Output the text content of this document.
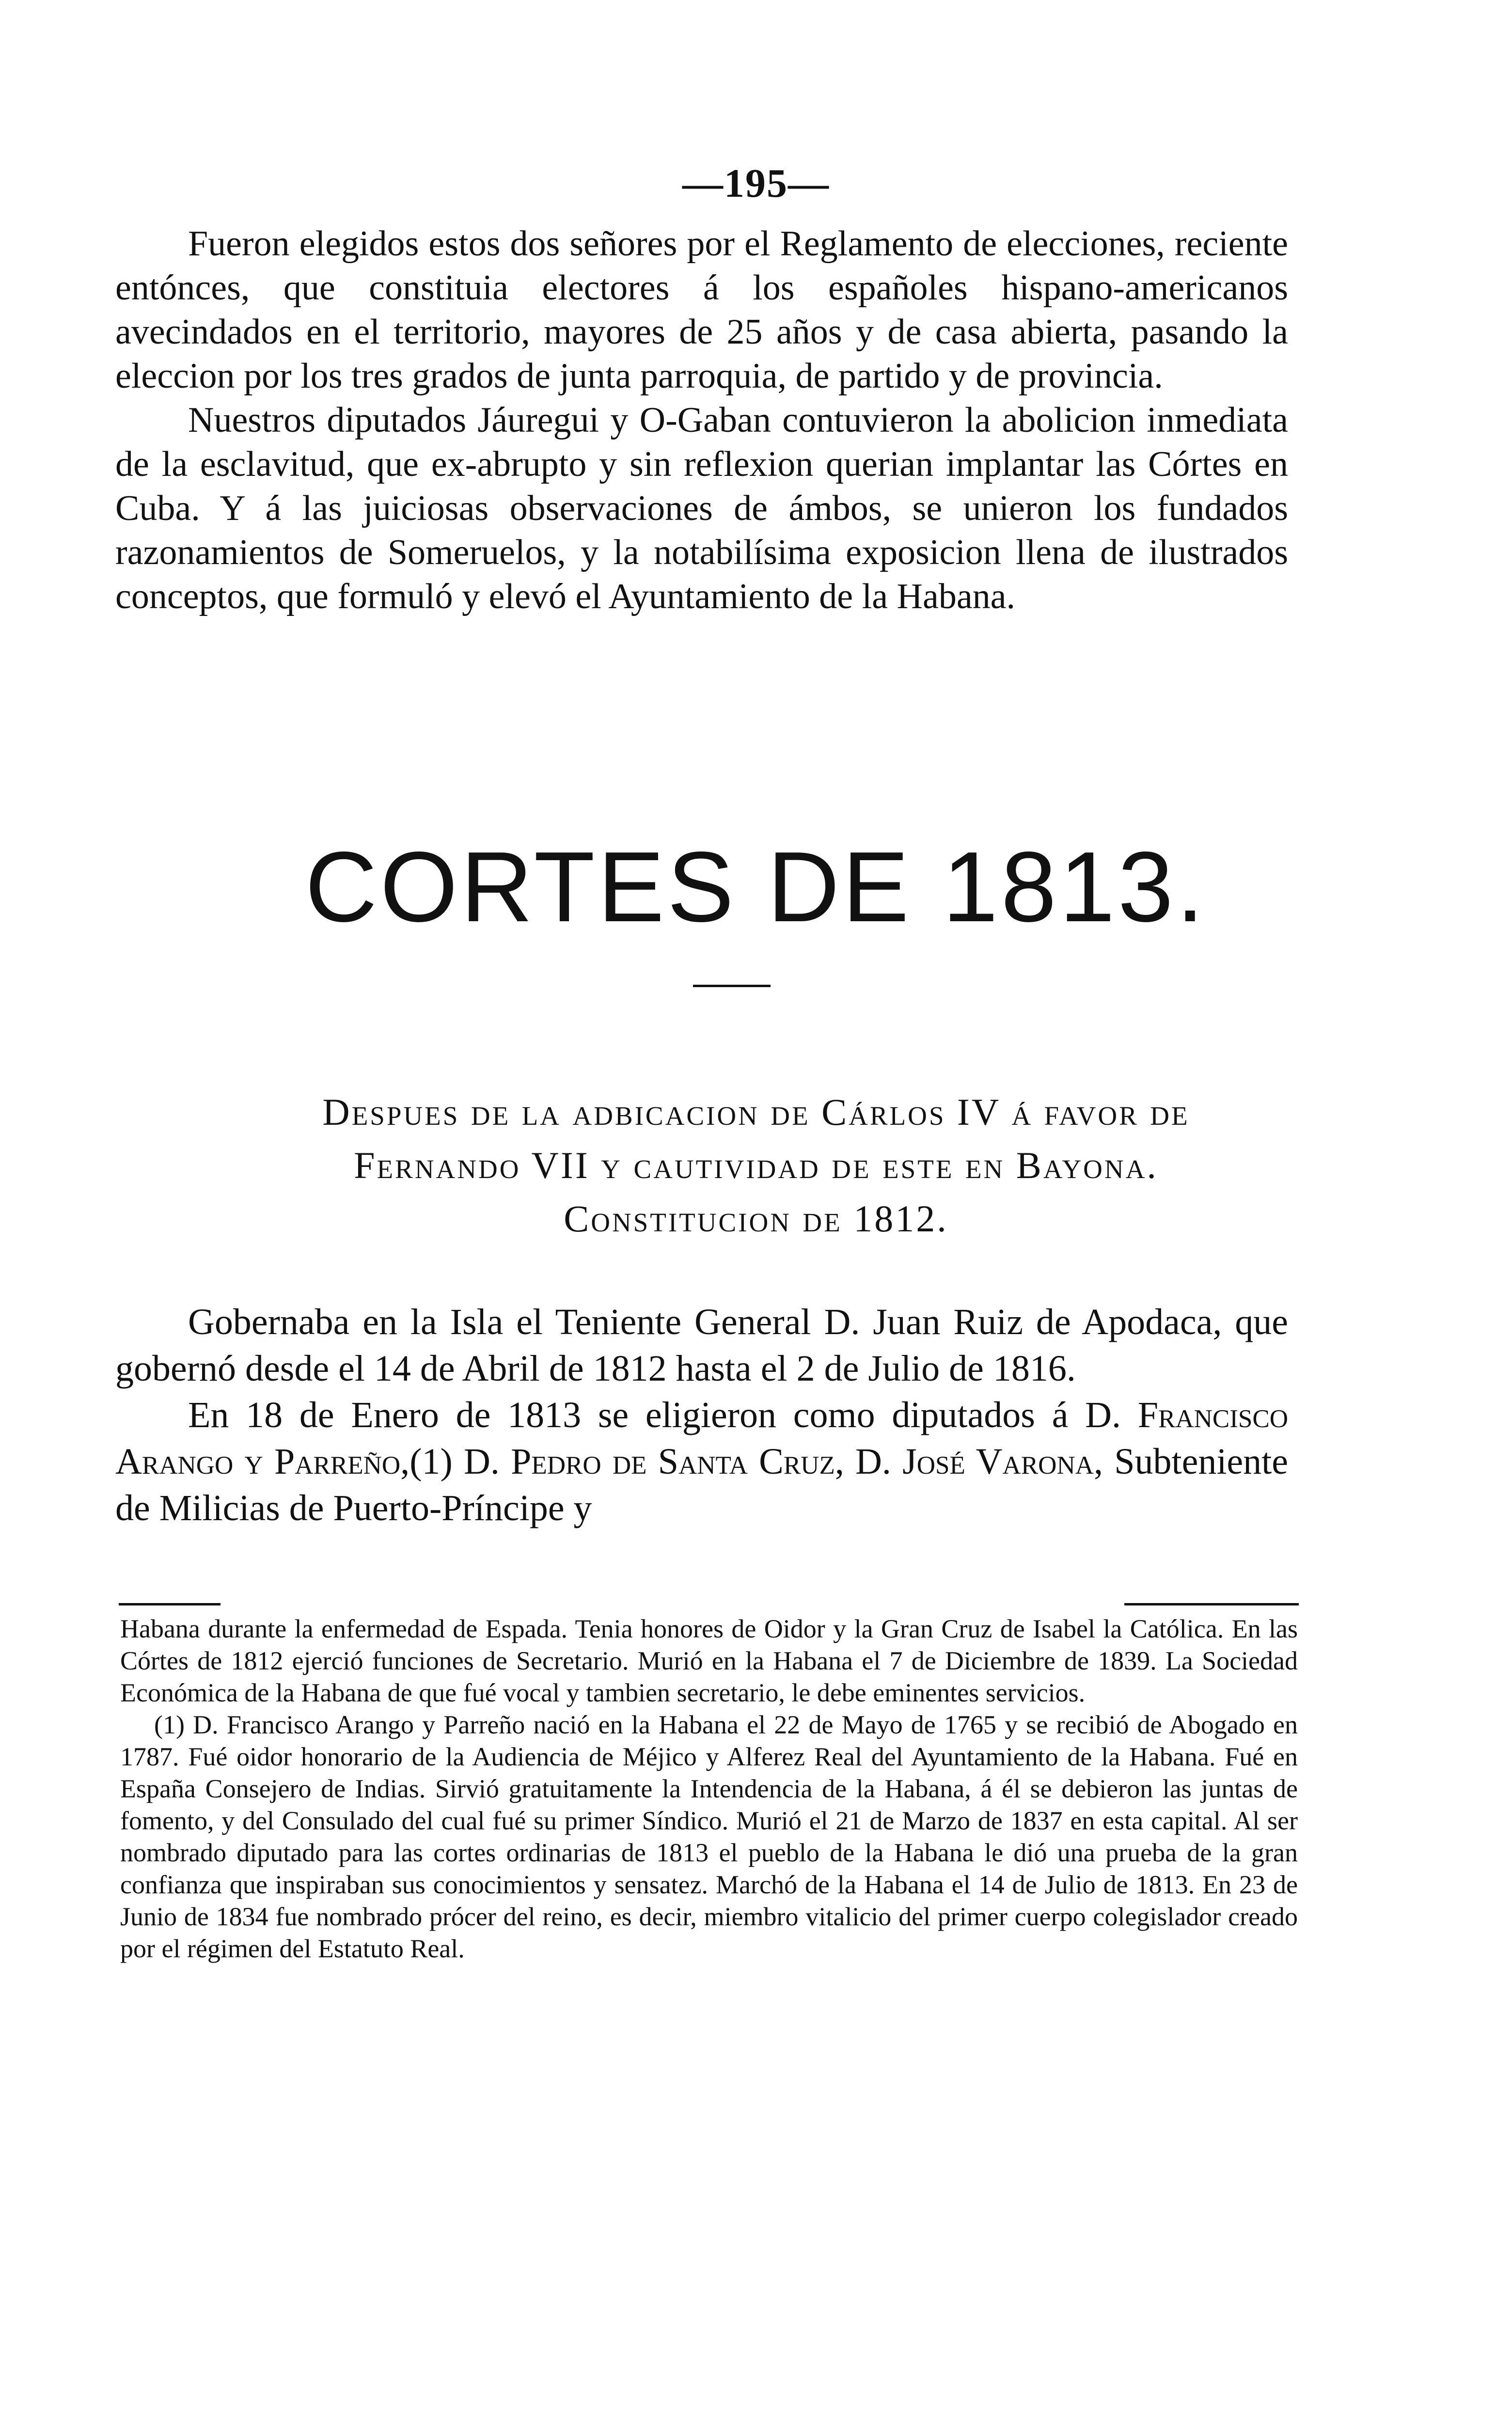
—195—

Fueron elegidos estos dos señores por el Reglamento de elecciones, reciente entónces, que constituia electores á los españoles hispano-americanos avecindados en el territorio, mayores de 25 años y de casa abierta, pasando la eleccion por los tres grados de junta parroquia, de partido y de provincia.

Nuestros diputados Jáuregui y O-Gaban contuvieron la abolicion inmediata de la esclavitud, que ex-abrupto y sin reflexion querian implantar las Córtes en Cuba. Y á las juiciosas observaciones de ámbos, se unieron los fundados razonamientos de Someruelos, y la notabilísima exposicion llena de ilustrados conceptos, que formuló y elevó el Ayuntamiento de la Habana.

CORTES DE 1813.
Despues de la adbicacion de Cárlos IV á favor de
Fernando VII y cautividad de este en Bayona.
Constitucion de 1812.

Gobernaba en la Isla el Teniente General D. Juan Ruiz de Apodaca, que gobernó desde el 14 de Abril de 1812 hasta el 2 de Julio de 1816.

En 18 de Enero de 1813 se eligieron como diputados á D. Francisco Arango y Parreño,(1) D. Pedro de Santa Cruz, D. José Varona, Subteniente de Milicias de Puerto-Príncipe y

Habana durante la enfermedad de Espada. Tenia honores de Oidor y la Gran Cruz de Isabel la Católica. En las Córtes de 1812 ejerció funciones de Secretario. Murió en la Habana el 7 de Diciembre de 1839. La Sociedad Económica de la Habana de que fué vocal y tambien secretario, le debe eminentes servicios.

(1) D. Francisco Arango y Parreño nació en la Habana el 22 de Mayo de 1765 y se recibió de Abogado en 1787. Fué oidor honorario de la Audiencia de Méjico y Alferez Real del Ayuntamiento de la Habana. Fué en España Consejero de Indias. Sirvió gratuitamente la Intendencia de la Habana, á él se debieron las juntas de fomento, y del Consulado del cual fué su primer Síndico. Murió el 21 de Marzo de 1837 en esta capital. Al ser nombrado diputado para las cortes ordinarias de 1813 el pueblo de la Habana le dió una prueba de la gran confianza que inspiraban sus conocimientos y sensatez. Marchó de la Habana el 14 de Julio de 1813. En 23 de Junio de 1834 fue nombrado prócer del reino, es decir, miembro vitalicio del primer cuerpo colegislador creado por el régimen del Estatuto Real.
